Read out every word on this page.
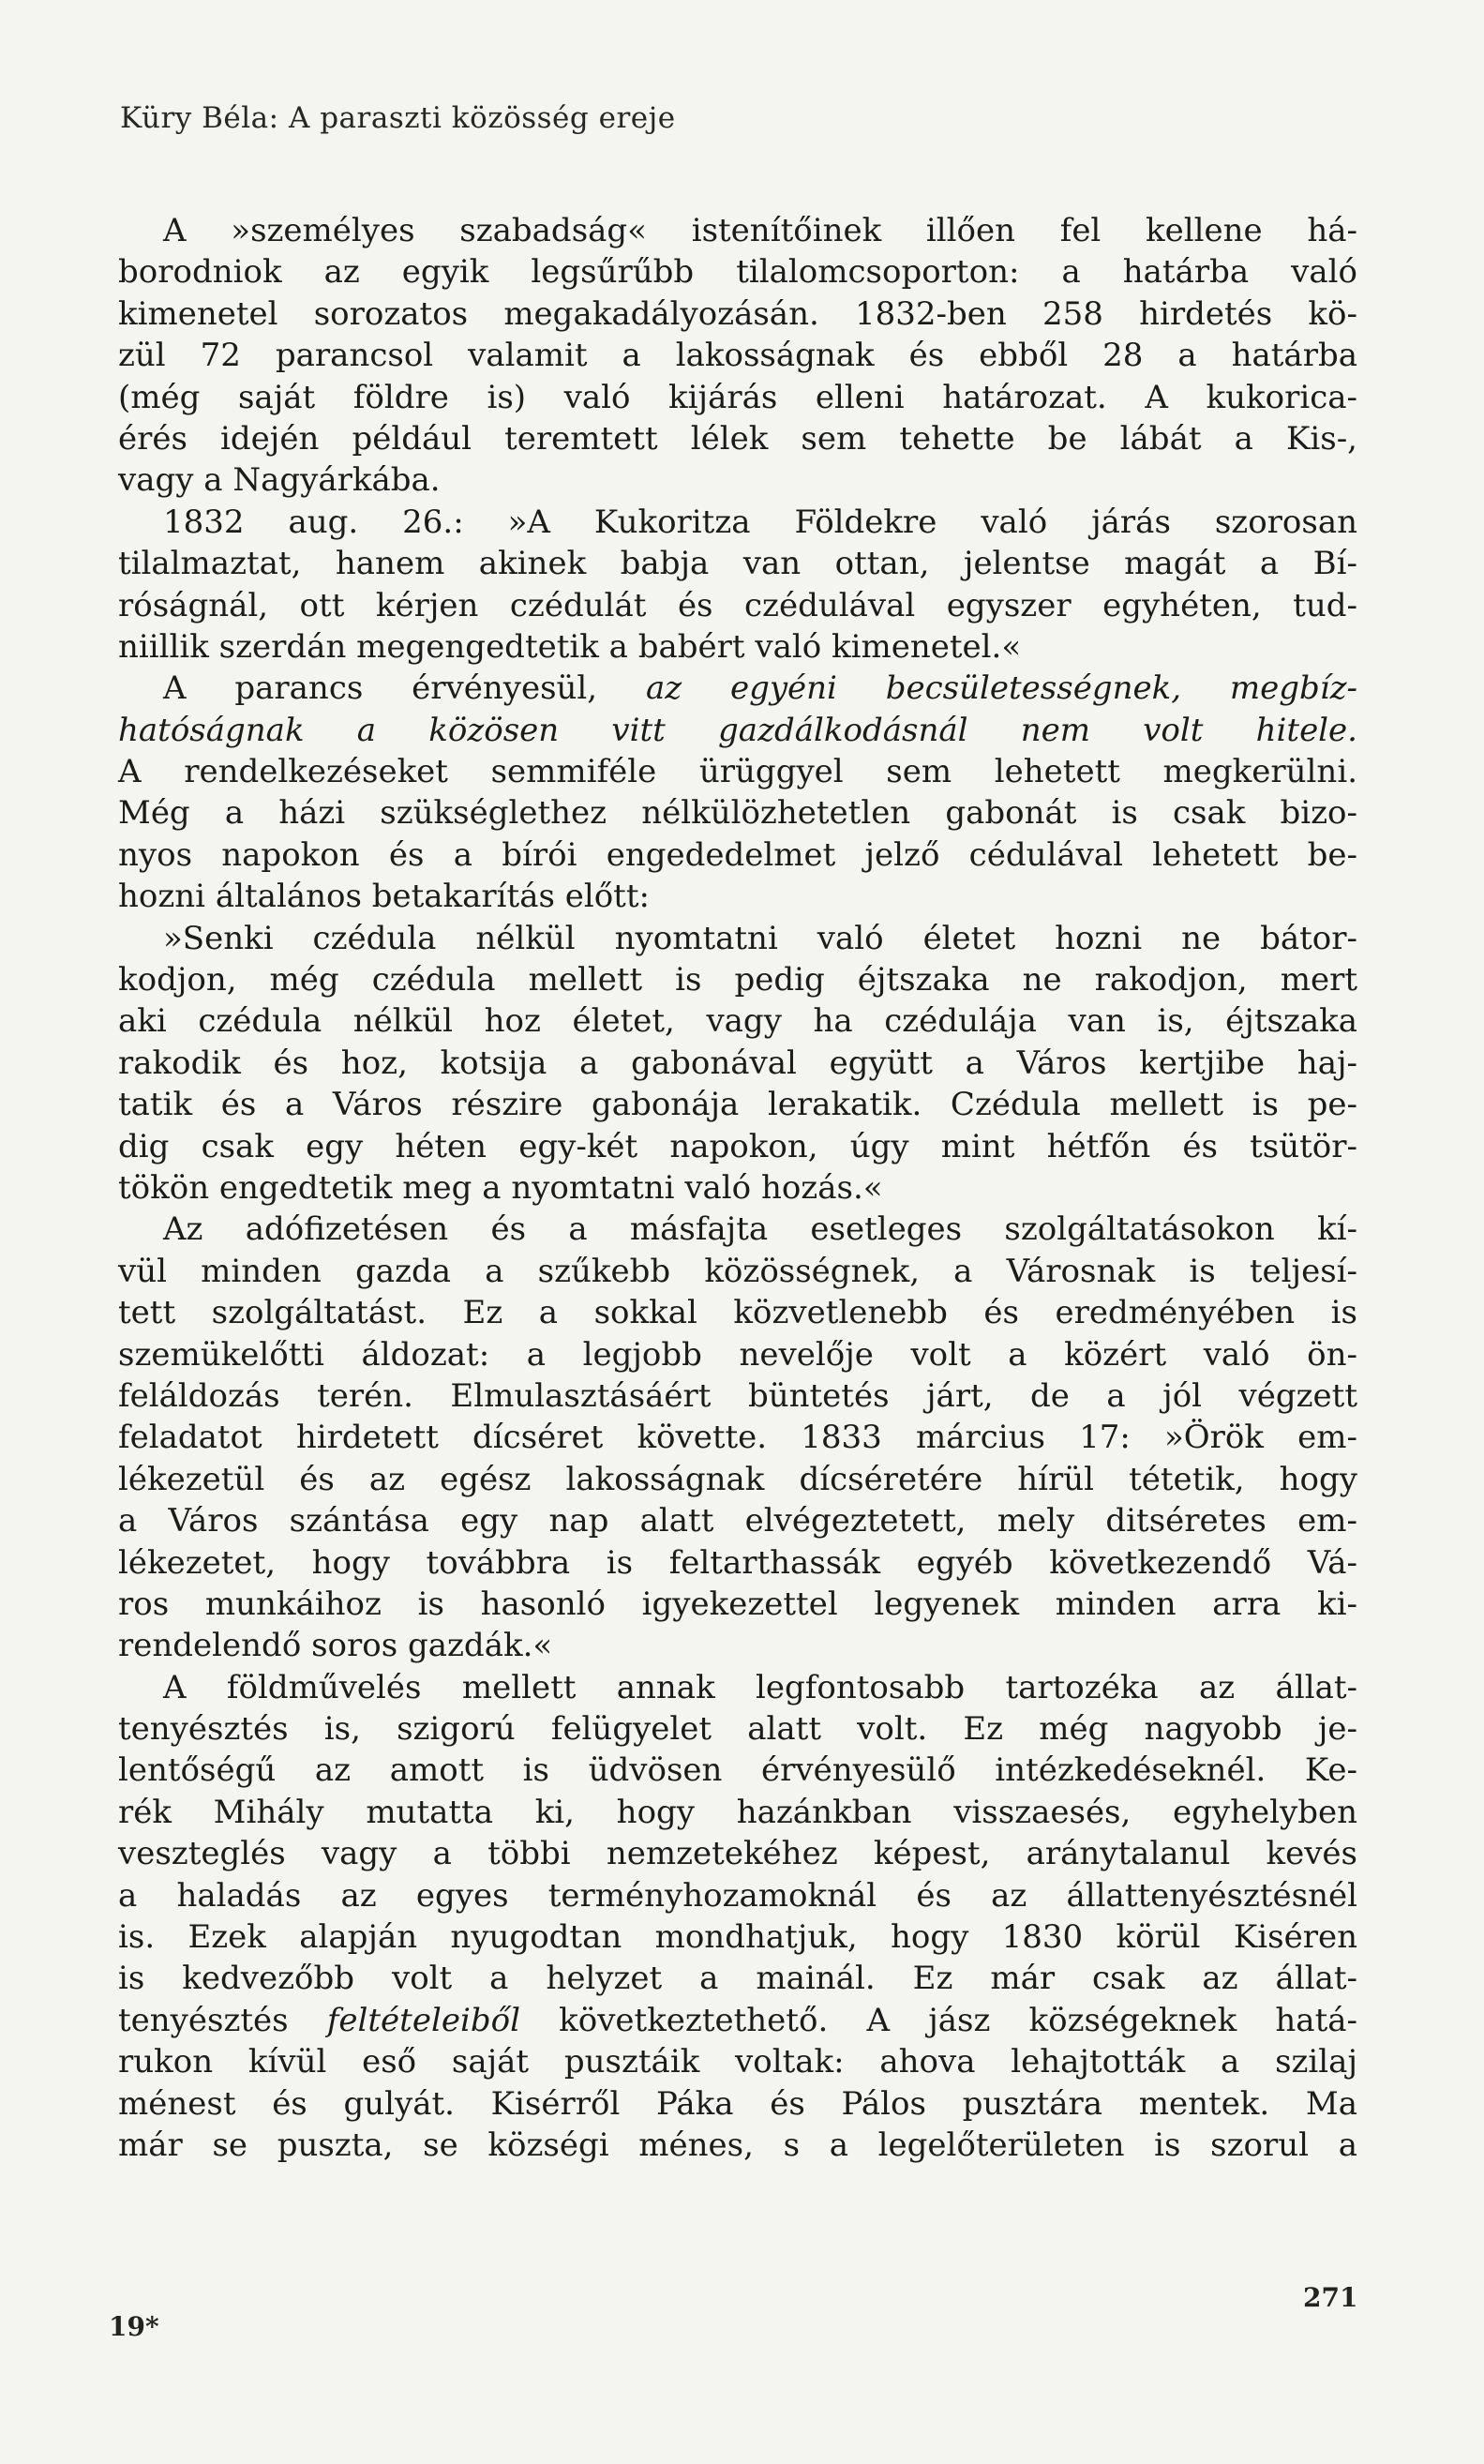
Küry Béla: A paraszti közösség ereje
A »személyes szabadság« istenítőinek illően fel kellene há-
borodniok az egyik legsűrűbb tilalomcsoporton: a határba való
kimenetel sorozatos megakadályozásán. 1832-ben 258 hirdetés kö-
zül 72 parancsol valamit a lakosságnak és ebből 28 a határba
(még saját földre is) való kijárás elleni határozat. A kukorica-
érés idején például teremtett lélek sem tehette be lábát a Kis-,
vagy a Nagyárkába.
1832 aug. 26.: »A Kukoritza Földekre való járás szorosan
tilalmaztat, hanem akinek babja van ottan, jelentse magát a Bí-
róságnál, ott kérjen czédulát és czédulával egyszer egyhéten, tud-
niillik szerdán megengedtetik a babért való kimenetel.«
A parancs érvényesül, az egyéni becsületességnek, megbíz-
hatóságnak a közösen vitt gazdálkodásnál nem volt hitele.
A rendelkezéseket semmiféle ürüggyel sem lehetett megkerülni.
Még a házi szükséglethez nélkülözhetetlen gabonát is csak bizo-
nyos napokon és a bírói engededelmet jelző cédulával lehetett be-
hozni általános betakarítás előtt:
»Senki czédula nélkül nyomtatni való életet hozni ne bátor-
kodjon, még czédula mellett is pedig éjtszaka ne rakodjon, mert
aki czédula nélkül hoz életet, vagy ha czédulája van is, éjtszaka
rakodik és hoz, kotsija a gabonával együtt a Város kertjibe haj-
tatik és a Város részire gabonája lerakatik. Czédula mellett is pe-
dig csak egy héten egy-két napokon, úgy mint hétfőn és tsütör-
tökön engedtetik meg a nyomtatni való hozás.«
Az adófizetésen és a másfajta esetleges szolgáltatásokon kí-
vül minden gazda a szűkebb közösségnek, a Városnak is teljesí-
tett szolgáltatást. Ez a sokkal közvetlenebb és eredményében is
szemükelőtti áldozat: a legjobb nevelője volt a közért való ön-
feláldozás terén. Elmulasztásáért büntetés járt, de a jól végzett
feladatot hirdetett dícséret követte. 1833 március 17: »Örök em-
lékezetül és az egész lakosságnak dícséretére hírül tétetik, hogy
a Város szántása egy nap alatt elvégeztetett, mely ditséretes em-
lékezetet, hogy továbbra is feltarthassák egyéb következendő Vá-
ros munkáihoz is hasonló igyekezettel legyenek minden arra ki-
rendelendő soros gazdák.«
A földművelés mellett annak legfontosabb tartozéka az állat-
tenyésztés is, szigorú felügyelet alatt volt. Ez még nagyobb je-
lentőségű az amott is üdvösen érvényesülő intézkedéseknél. Ke-
rék Mihály mutatta ki, hogy hazánkban visszaesés, egyhelyben
veszteglés vagy a többi nemzetekéhez képest, aránytalanul kevés
a haladás az egyes terményhozamoknál és az állattenyésztésnél
is. Ezek alapján nyugodtan mondhatjuk, hogy 1830 körül Kiséren
is kedvezőbb volt a helyzet a mainál. Ez már csak az állat-
tenyésztés feltételeiből következtethető. A jász községeknek hatá-
rukon kívül eső saját pusztáik voltak: ahova lehajtották a szilaj
ménest és gulyát. Kisérről Páka és Pálos pusztára mentek. Ma
már se puszta, se községi ménes, s a legelőterületen is szorul a
19*
271
